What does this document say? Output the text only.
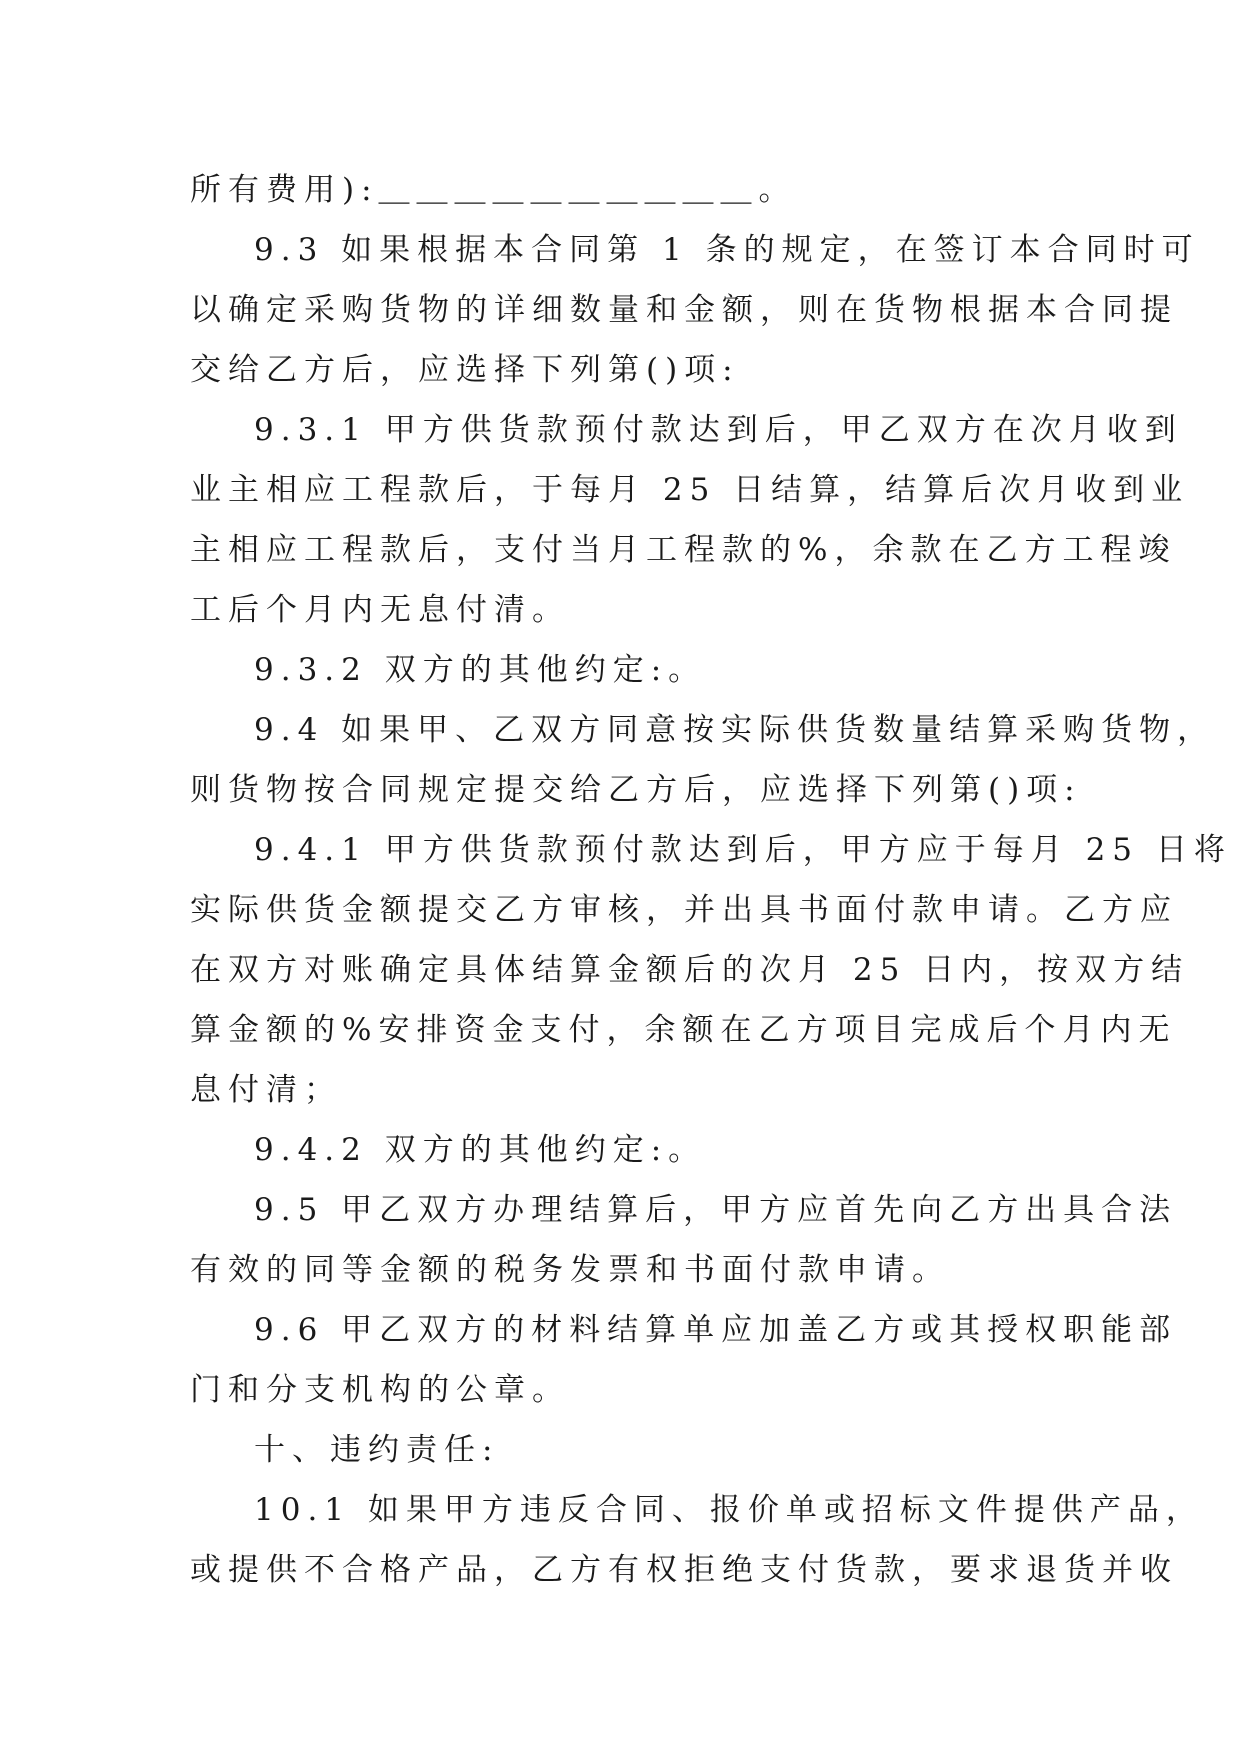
所有费用):＿＿＿＿＿＿＿＿＿＿。
9.3 如果根据本合同第 1 条的规定，在签订本合同时可
以确定采购货物的详细数量和金额，则在货物根据本合同提
交给乙方后，应选择下列第()项:
9.3.1 甲方供货款预付款达到后，甲乙双方在次月收到
业主相应工程款后，于每月 25 日结算，结算后次月收到业
主相应工程款后，支付当月工程款的%，余款在乙方工程竣
工后个月内无息付清。
9.3.2 双方的其他约定:。
9.4 如果甲、乙双方同意按实际供货数量结算采购货物，
则货物按合同规定提交给乙方后，应选择下列第()项:
9.4.1 甲方供货款预付款达到后，甲方应于每月 25 日将
实际供货金额提交乙方审核，并出具书面付款申请。乙方应
在双方对账确定具体结算金额后的次月 25 日内，按双方结
算金额的%安排资金支付，余额在乙方项目完成后个月内无
息付清；
9.4.2 双方的其他约定:。
9.5 甲乙双方办理结算后，甲方应首先向乙方出具合法
有效的同等金额的税务发票和书面付款申请。
9.6 甲乙双方的材料结算单应加盖乙方或其授权职能部
门和分支机构的公章。
十、违约责任:
10.1 如果甲方违反合同、报价单或招标文件提供产品，
或提供不合格产品，乙方有权拒绝支付货款，要求退货并收
